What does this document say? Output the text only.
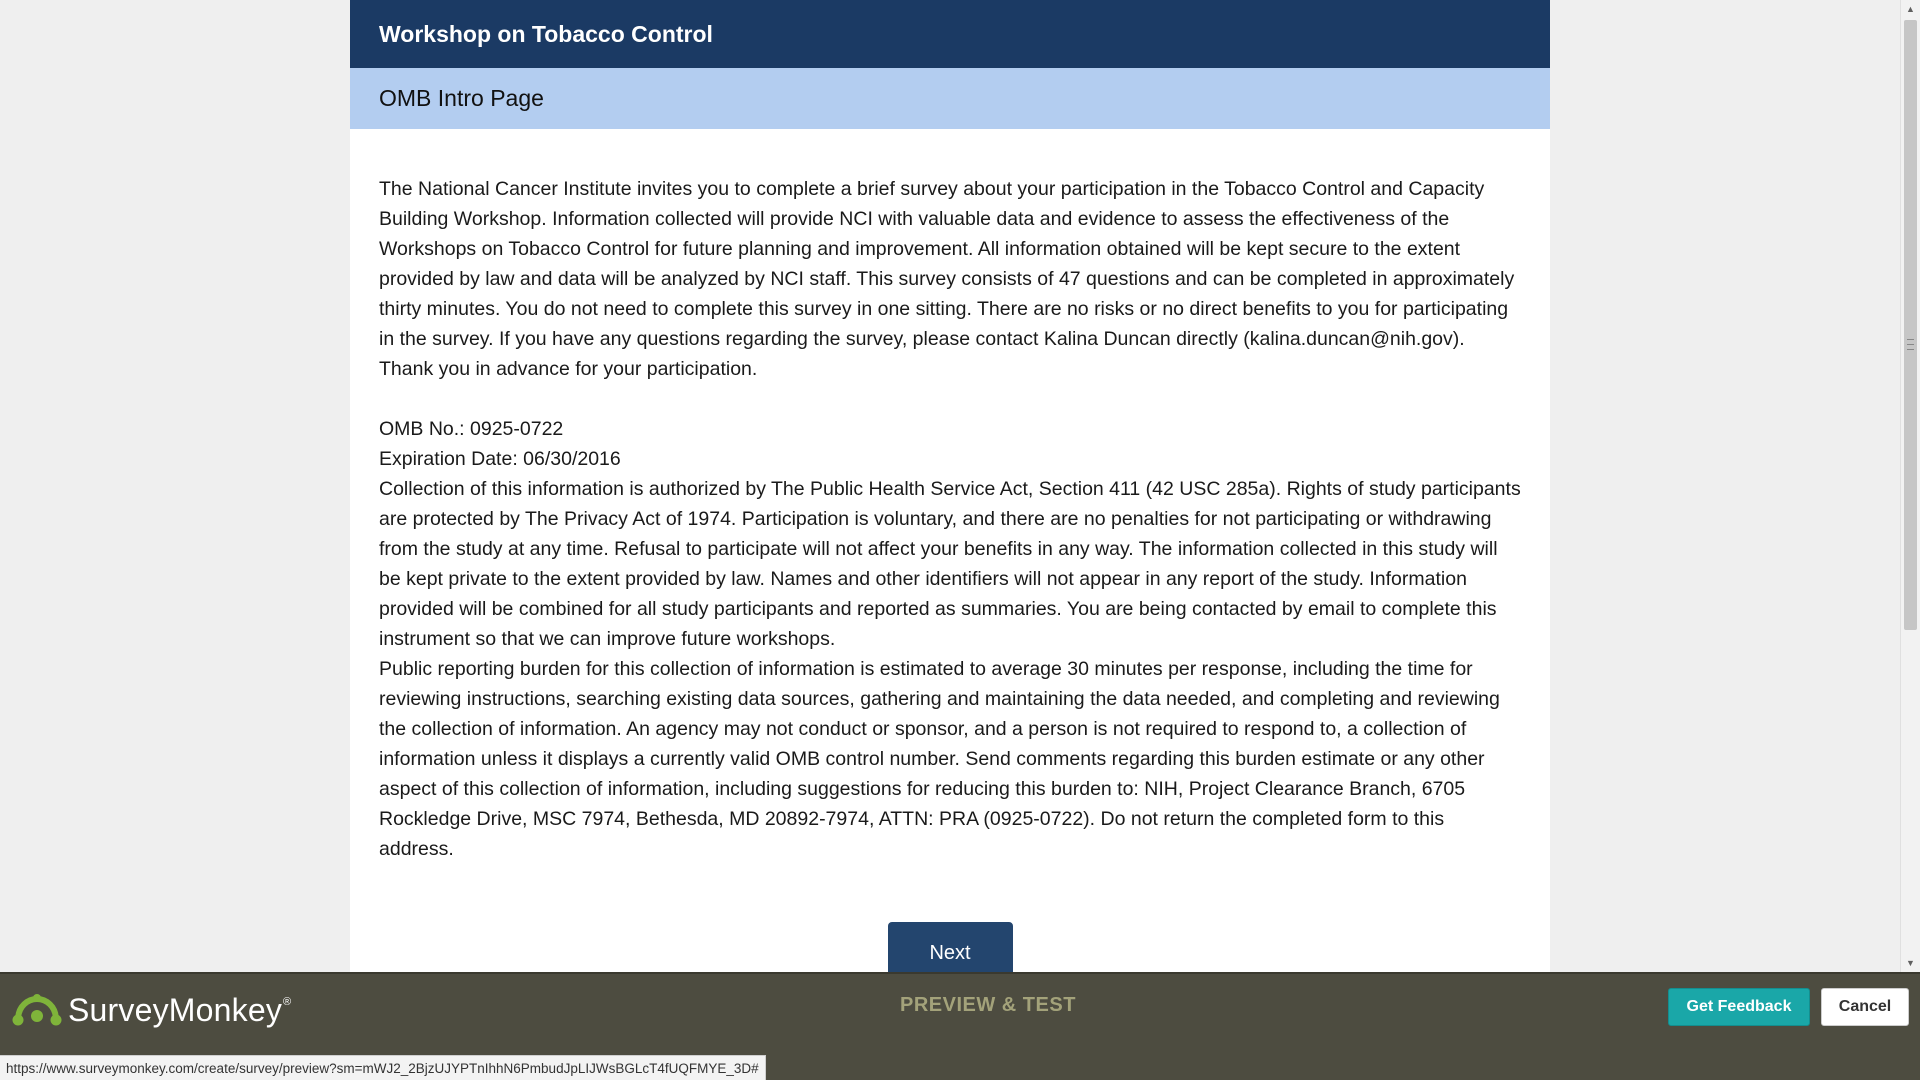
Workshop on Tobacco Control
OMB Intro Page

The National Cancer Institute invites you to complete a brief survey about your participation in the Tobacco Control and Capacity Building Workshop. Information collected will provide NCI with valuable data and evidence to assess the effectiveness of the Workshops on Tobacco Control for future planning and improvement. All information obtained will be kept secure to the extent provided by law and data will be analyzed by NCI staff. This survey consists of 47 questions and can be completed in approximately thirty minutes. You do not need to complete this survey in one sitting. There are no risks or no direct benefits to you for participating in the survey. If you have any questions regarding the survey, please contact Kalina Duncan directly (kalina.duncan@nih.gov). Thank you in advance for your participation.

OMB No.: 0925-0722

Expiration Date: 06/30/2016

Collection of this information is authorized by The Public Health Service Act, Section 411 (42 USC 285a). Rights of study participants are protected by The Privacy Act of 1974. Participation is voluntary, and there are no penalties for not participating or withdrawing from the study at any time. Refusal to participate will not affect your benefits in any way. The information collected in this study will be kept private to the extent provided by law. Names and other identifiers will not appear in any report of the study. Information provided will be combined for all study participants and reported as summaries. You are being contacted by email to complete this instrument so that we can improve future workshops.

Public reporting burden for this collection of information is estimated to average 30 minutes per response, including the time for reviewing instructions, searching existing data sources, gathering and maintaining the data needed, and completing and reviewing the collection of information. An agency may not conduct or sponsor, and a person is not required to respond to, a collection of information unless it displays a currently valid OMB control number. Send comments regarding this burden estimate or any other aspect of this collection of information, including suggestions for reducing this burden to: NIH, Project Clearance Branch, 6705 Rockledge Drive, MSC 7974, Bethesda, MD 20892-7974, ATTN: PRA (0925-0722). Do not return the completed form to this address.

Next
▲
▼
SurveyMonkey ®	PREVIEW & TEST	Get Feedback	Cancel
https://www.surveymonkey.com/create/survey/preview?sm=mWJ2_2BjzUJYPTnIhhN6PmbudJpLIJWsBGLcT4fUQFMYE_3D#
